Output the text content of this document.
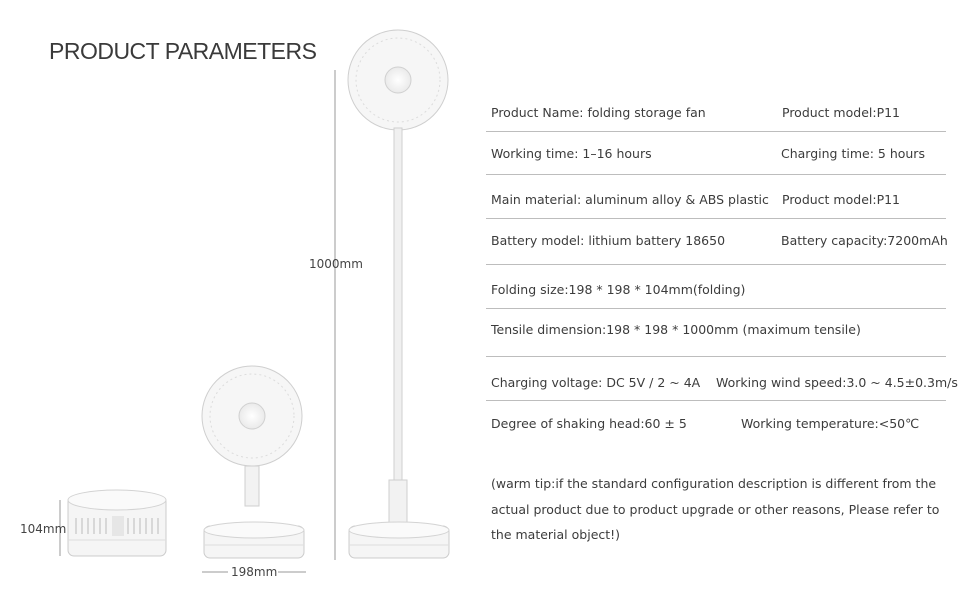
PRODUCT PARAMETERS
104mm
198mm
1000mm
Product Name: folding storage fan	Product model:P11
Working time: 1–16 hours	Charging time: 5 hours
Main material: aluminum alloy & ABS plastic Product model:P11
Battery model: lithium battery 18650	Battery capacity:7200mAh
Folding size:198 * 198 * 104mm(folding)
Tensile dimension:198 * 198 * 1000mm (maximum tensile)
Charging voltage: DC 5V / 2 ~ 4A Working wind speed:3.0 ~ 4.5±0.3m/s
Degree of shaking head:60 ± 5	Working temperature:<50℃
(warm tip:if the standard configuration description is different from the actual product due to product upgrade or other reasons, Please refer to the material object!)
